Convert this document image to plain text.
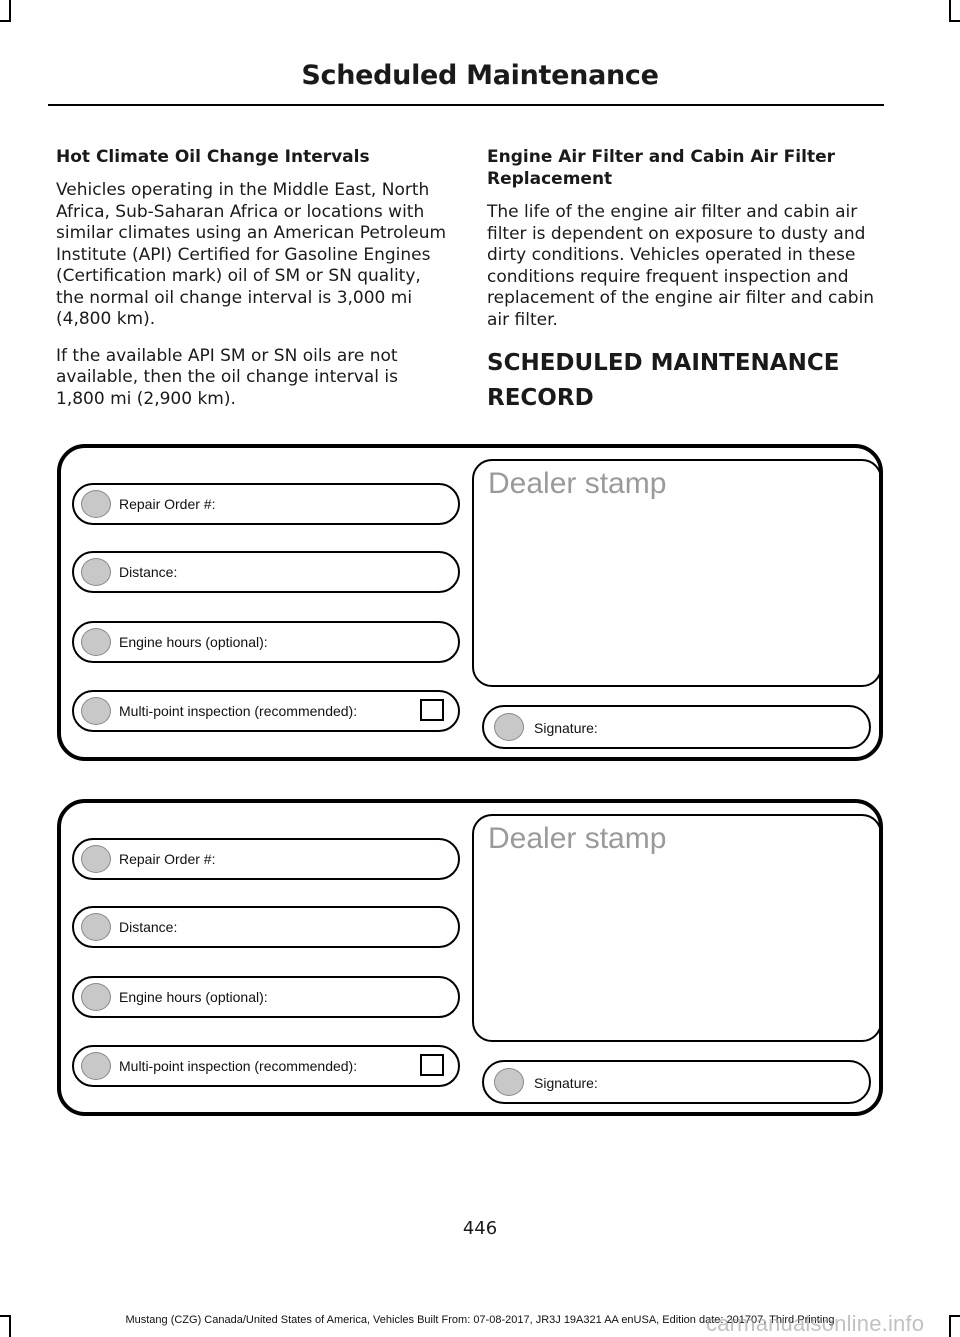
Scheduled Maintenance
Hot Climate Oil Change Intervals
Vehicles operating in the Middle East, North Africa, Sub-Saharan Africa or locations with similar climates using an American Petroleum Institute (API) Certified for Gasoline Engines (Certification mark) oil of SM or SN quality, the normal oil change interval is 3,000 mi (4,800 km).
If the available API SM or SN oils are not available, then the oil change interval is 1,800 mi (2,900 km).
Engine Air Filter and Cabin Air Filter Replacement
The life of the engine air filter and cabin air filter is dependent on exposure to dusty and dirty conditions. Vehicles operated in these conditions require frequent inspection and replacement of the engine air filter and cabin air filter.
SCHEDULED MAINTENANCE
RECORD
Repair Order #:
Distance:
Engine hours (optional):
Multi-point inspection (recommended):
Dealer stamp
Signature:
Repair Order #:
Distance:
Engine hours (optional):
Multi-point inspection (recommended):
Dealer stamp
Signature:
446
Mustang (CZG) Canada/United States of America, Vehicles Built From: 07-08-2017, JR3J 19A321 AA enUSA, Edition date: 201707, Third Printing
carmanualsonline.info
